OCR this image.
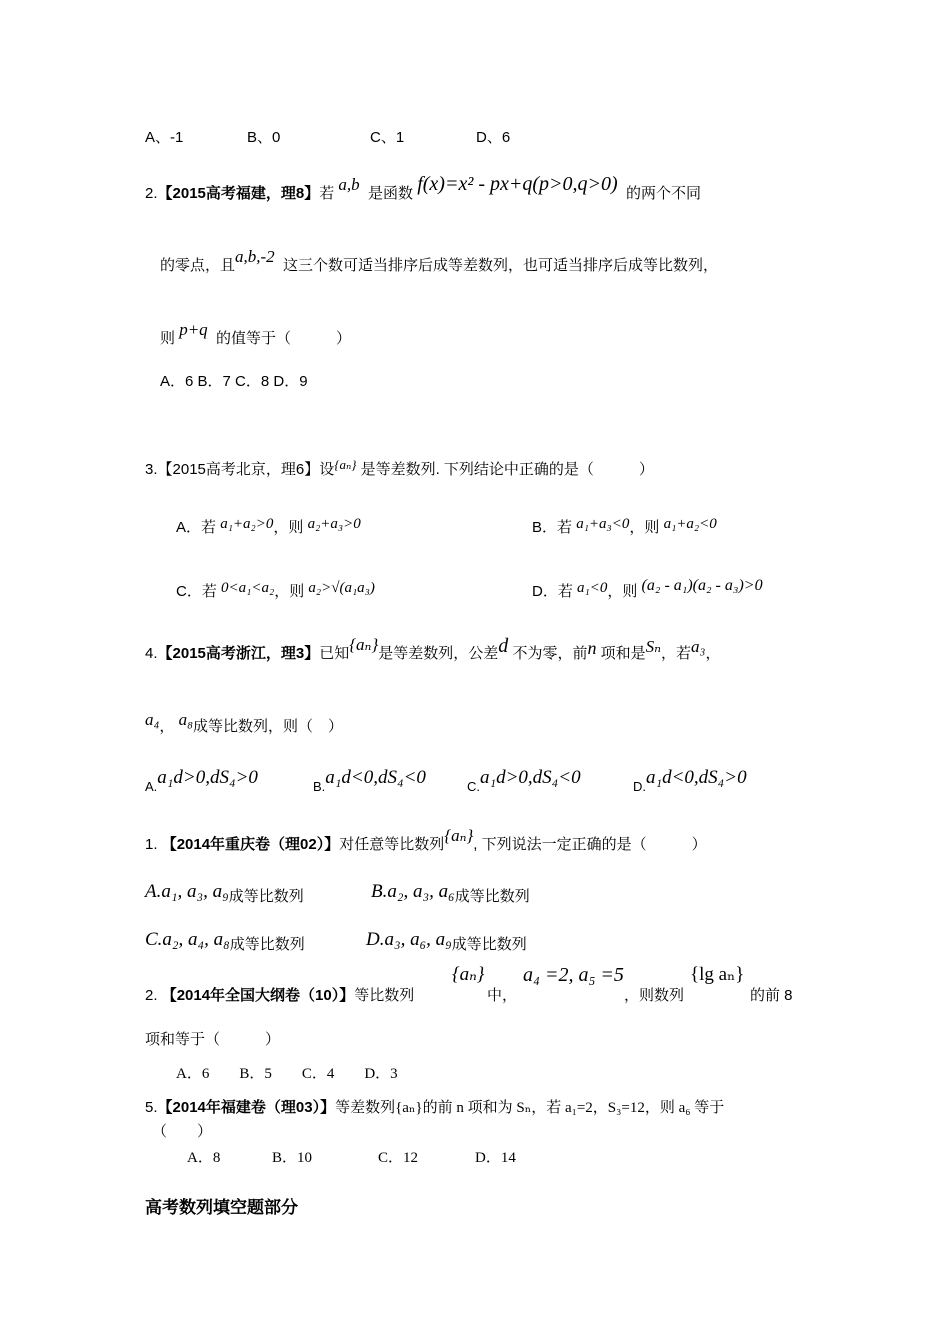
A、-1	B、0	C、1	D、6
2.【2015高考福建，理8】若 a,b 是函数 f(x)=x² - px+q(p>0,q>0) 的两个不同
的零点，且a,b,-2 这三个数可适当排序后成等差数列，也可适当排序后成等比数列，
则 p+q 的值等于（　　　）
A．6 B．7 C．8 D．9
3.【2015高考北京，理6】设{aₙ} 是等差数列. 下列结论中正确的是（　　　）
A．若 a₁+a₂>0，则 a₂+a₃>0	B．若 a₁+a₃<0，则 a₁+a₂<0
C．若 0<a₁<a₂，则 a₂>√(a₁a₃)	D．若 a₁<0，则 (a₂ - a₁)(a₂ - a₃)>0
4.【2015高考浙江，理3】已知{aₙ}是等差数列，公差d 不为零，前n 项和是Sₙ，若a₃，
a₄， a₈成等比数列，则（　）
A.a₁d>0,dS₄>0	B.a₁d<0,dS₄<0	C.a₁d>0,dS₄<0	D.a₁d<0,dS₄>0
1. 【2014年重庆卷（理02）】对任意等比数列{aₙ}, 下列说法一定正确的是（　　　）
A.a₁, a₃, a₉成等比数列	B.a₂, a₃, a₆成等比数列
C.a₂, a₄, a₈成等比数列	D.a₃, a₆, a₉成等比数列
2. 【2014年全国大纲卷（10）】等比数列
{aₙ}
中，
a₄ =2, a₅ =5
，则数列
{lg aₙ}
的前 8
项和等于（　　　）
A．6　　B．5　　C．4　　D．3
5.【2014年福建卷（理03）】等差数列{aₙ}的前 n 项和为 Sₙ，若 a₁=2，S₃=12，则 a₆ 等于
（　　）
A．8	B．10	C．12	D．14
高考数列填空题部分
